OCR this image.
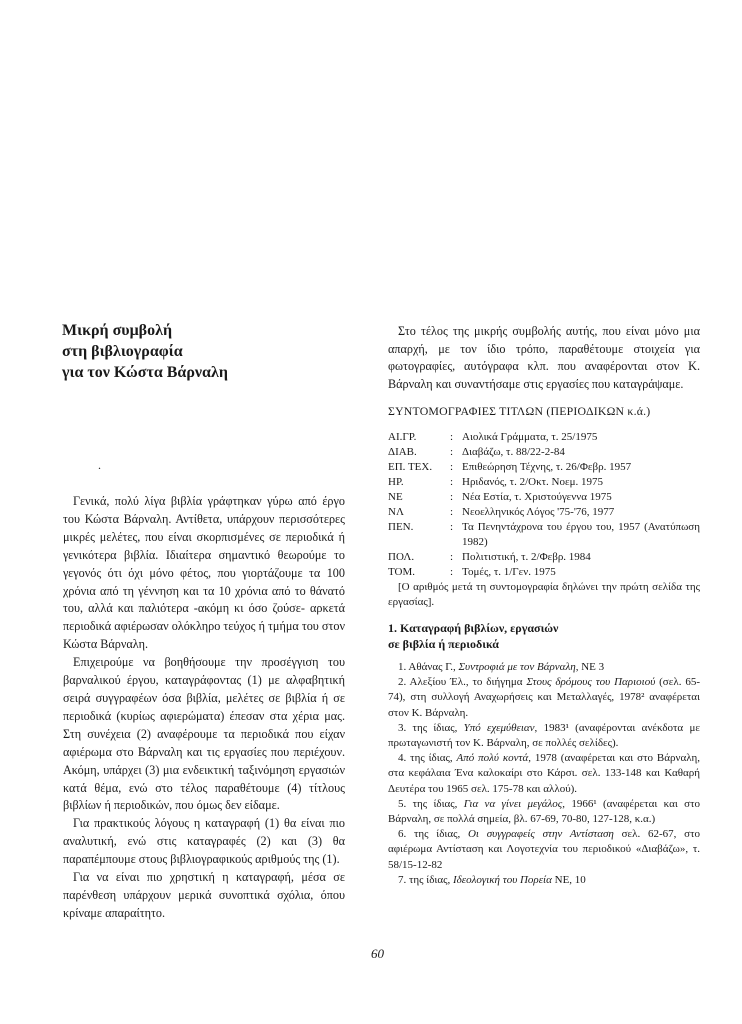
Μικρή συμβολή
στη βιβλιογραφία
για τον Κώστα Βάρναλη
.

Γενικά, πολύ λίγα βιβλία γράφτηκαν γύρω από έργο του Κώστα Βάρναλη. Αντίθετα, υπάρχουν περισσότερες μικρές μελέτες, που είναι σκορπισμένες σε περιοδικά ή γενικότερα βιβλία. Ιδιαίτερα σημαντικό θεωρούμε το γεγονός ότι όχι μόνο φέτος, που γιορτάζουμε τα 100 χρόνια από τη γέννηση και τα 10 χρόνια από το θάνατό του, αλλά και παλιότερα -ακόμη κι όσο ζούσε- αρκετά περιοδικά αφιέρωσαν ολόκληρο τεύχος ή τμήμα του στον Κώστα Βάρναλη.

Επιχειρούμε να βοηθήσουμε την προσέγγιση του βαρναλικού έργου, καταγράφοντας (1) με αλφαβητική σειρά συγγραφέων όσα βιβλία, μελέτες σε βιβλία ή σε περιοδικά (κυρίως αφιερώματα) έπεσαν στα χέρια μας. Στη συνέχεια (2) αναφέρουμε τα περιοδικά που είχαν αφιέρωμα στο Βάρναλη και τις εργασίες που περιέχουν. Ακόμη, υπάρχει (3) μια ενδεικτική ταξινόμηση εργασιών κατά θέμα, ενώ στο τέλος παραθέτουμε (4) τίτλους βιβλίων ή περιοδικών, που όμως δεν είδαμε.

Για πρακτικούς λόγους η καταγραφή (1) θα είναι πιο αναλυτική, ενώ στις καταγραφές (2) και (3) θα παραπέμπουμε στους βιβλιογραφικούς αριθμούς της (1).

Για να είναι πιο χρηστική η καταγραφή, μέσα σε παρένθεση υπάρχουν μερικά συνοπτικά σχόλια, όπου κρίναμε απαραίτητο.

Στο τέλος της μικρής συμβολής αυτής, που είναι μόνο μια απαρχή, με τον ίδιο τρόπο, παραθέτουμε στοιχεία για φωτογραφίες, αυτόγραφα κλπ. που αναφέρονται στον Κ. Βάρναλη και συναντήσαμε στις εργασίες που καταγράψαμε.

ΣΥΝΤΟΜΟΓΡΑΦΙΕΣ ΤΙΤΛΩΝ (ΠΕΡΙΟΔΙΚΩΝ κ.ά.)
ΑΙ.ΓΡ.	:	Αιολικά Γράμματα, τ. 25/1975
ΔΙΑΒ.	:	Διαβάζω, τ. 88/22-2-84
ΕΠ. ΤΕΧ.	:	Επιθεώρηση Τέχνης, τ. 26/Φεβρ. 1957
ΗΡ.	:	Ηριδανός, τ. 2/Οκτ. Νοεμ. 1975
ΝΕ	:	Νέα Εστία, τ. Χριστούγεννα 1975
ΝΛ	:	Νεοελληνικός Λόγος '75-'76, 1977
ΠΕΝ.	:	Τα Πενηντάχρονα του έργου του, 1957 (Ανατύπωση 1982)
ΠΟΛ.	:	Πολιτιστική, τ. 2/Φεβρ. 1984
ΤΟΜ.	:	Τομές, τ. 1/Γεν. 1975
[Ο αριθμός μετά τη συντομογραφία δηλώνει την πρώτη σελίδα της εργασίας].
1. Καταγραφή βιβλίων, εργασιών
σε βιβλία ή περιοδικά
1. Αθάνας Γ., Συντροφιά με τον Βάρναλη, ΝΕ 3
2. Αλεξίου Έλ., το διήγημα Στους δρόμους του Παριοιού (σελ. 65-74), στη συλλογή Αναχωρήσεις και Μεταλλαγές, 1978² αναφέρεται στον Κ. Βάρναλη.
3. της ίδιας, Υπό εχεμύθειαν, 1983¹ (αναφέρονται ανέκδοτα με πρωταγωνιστή τον Κ. Βάρναλη, σε πολλές σελίδες).
4. της ίδιας, Από πολύ κοντά, 1978 (αναφέρεται και στο Βάρναλη, στα κεφάλαια Ένα καλοκαίρι στο Κάρσι. σελ. 133-148 και Καθαρή Δευτέρα του 1965 σελ. 175-78 και αλλού).
5. της ίδιας, Για να γίνει μεγάλος, 1966¹ (αναφέρεται και στο Βάρναλη, σε πολλά σημεία, βλ. 67-69, 70-80, 127-128, κ.α.)
6. της ίδιας, Οι συγγραφείς στην Αντίσταση σελ. 62-67, στο αφιέρωμα Αντίσταση και Λογοτεχνία του περιοδικού «Διαβάζω», τ. 58/15-12-82
7. της ίδιας, Ιδεολογική του Πορεία ΝΕ, 10
60
